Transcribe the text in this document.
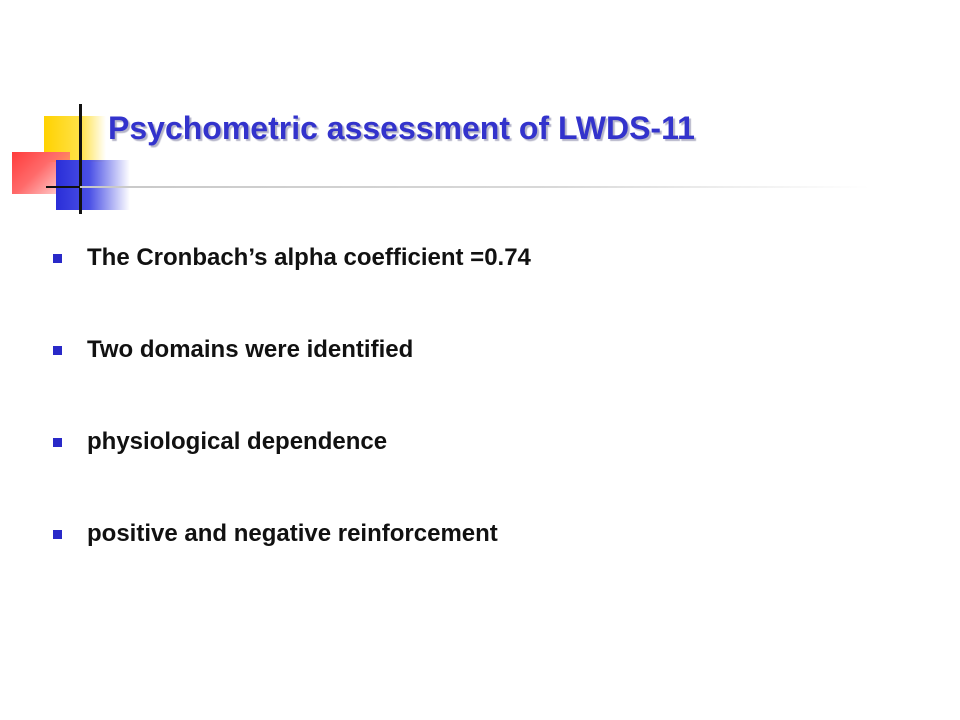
Psychometric assessment of LWDS-11
The Cronbach’s alpha coefficient =0.74
Two domains were identified
physiological dependence
positive and negative reinforcement
